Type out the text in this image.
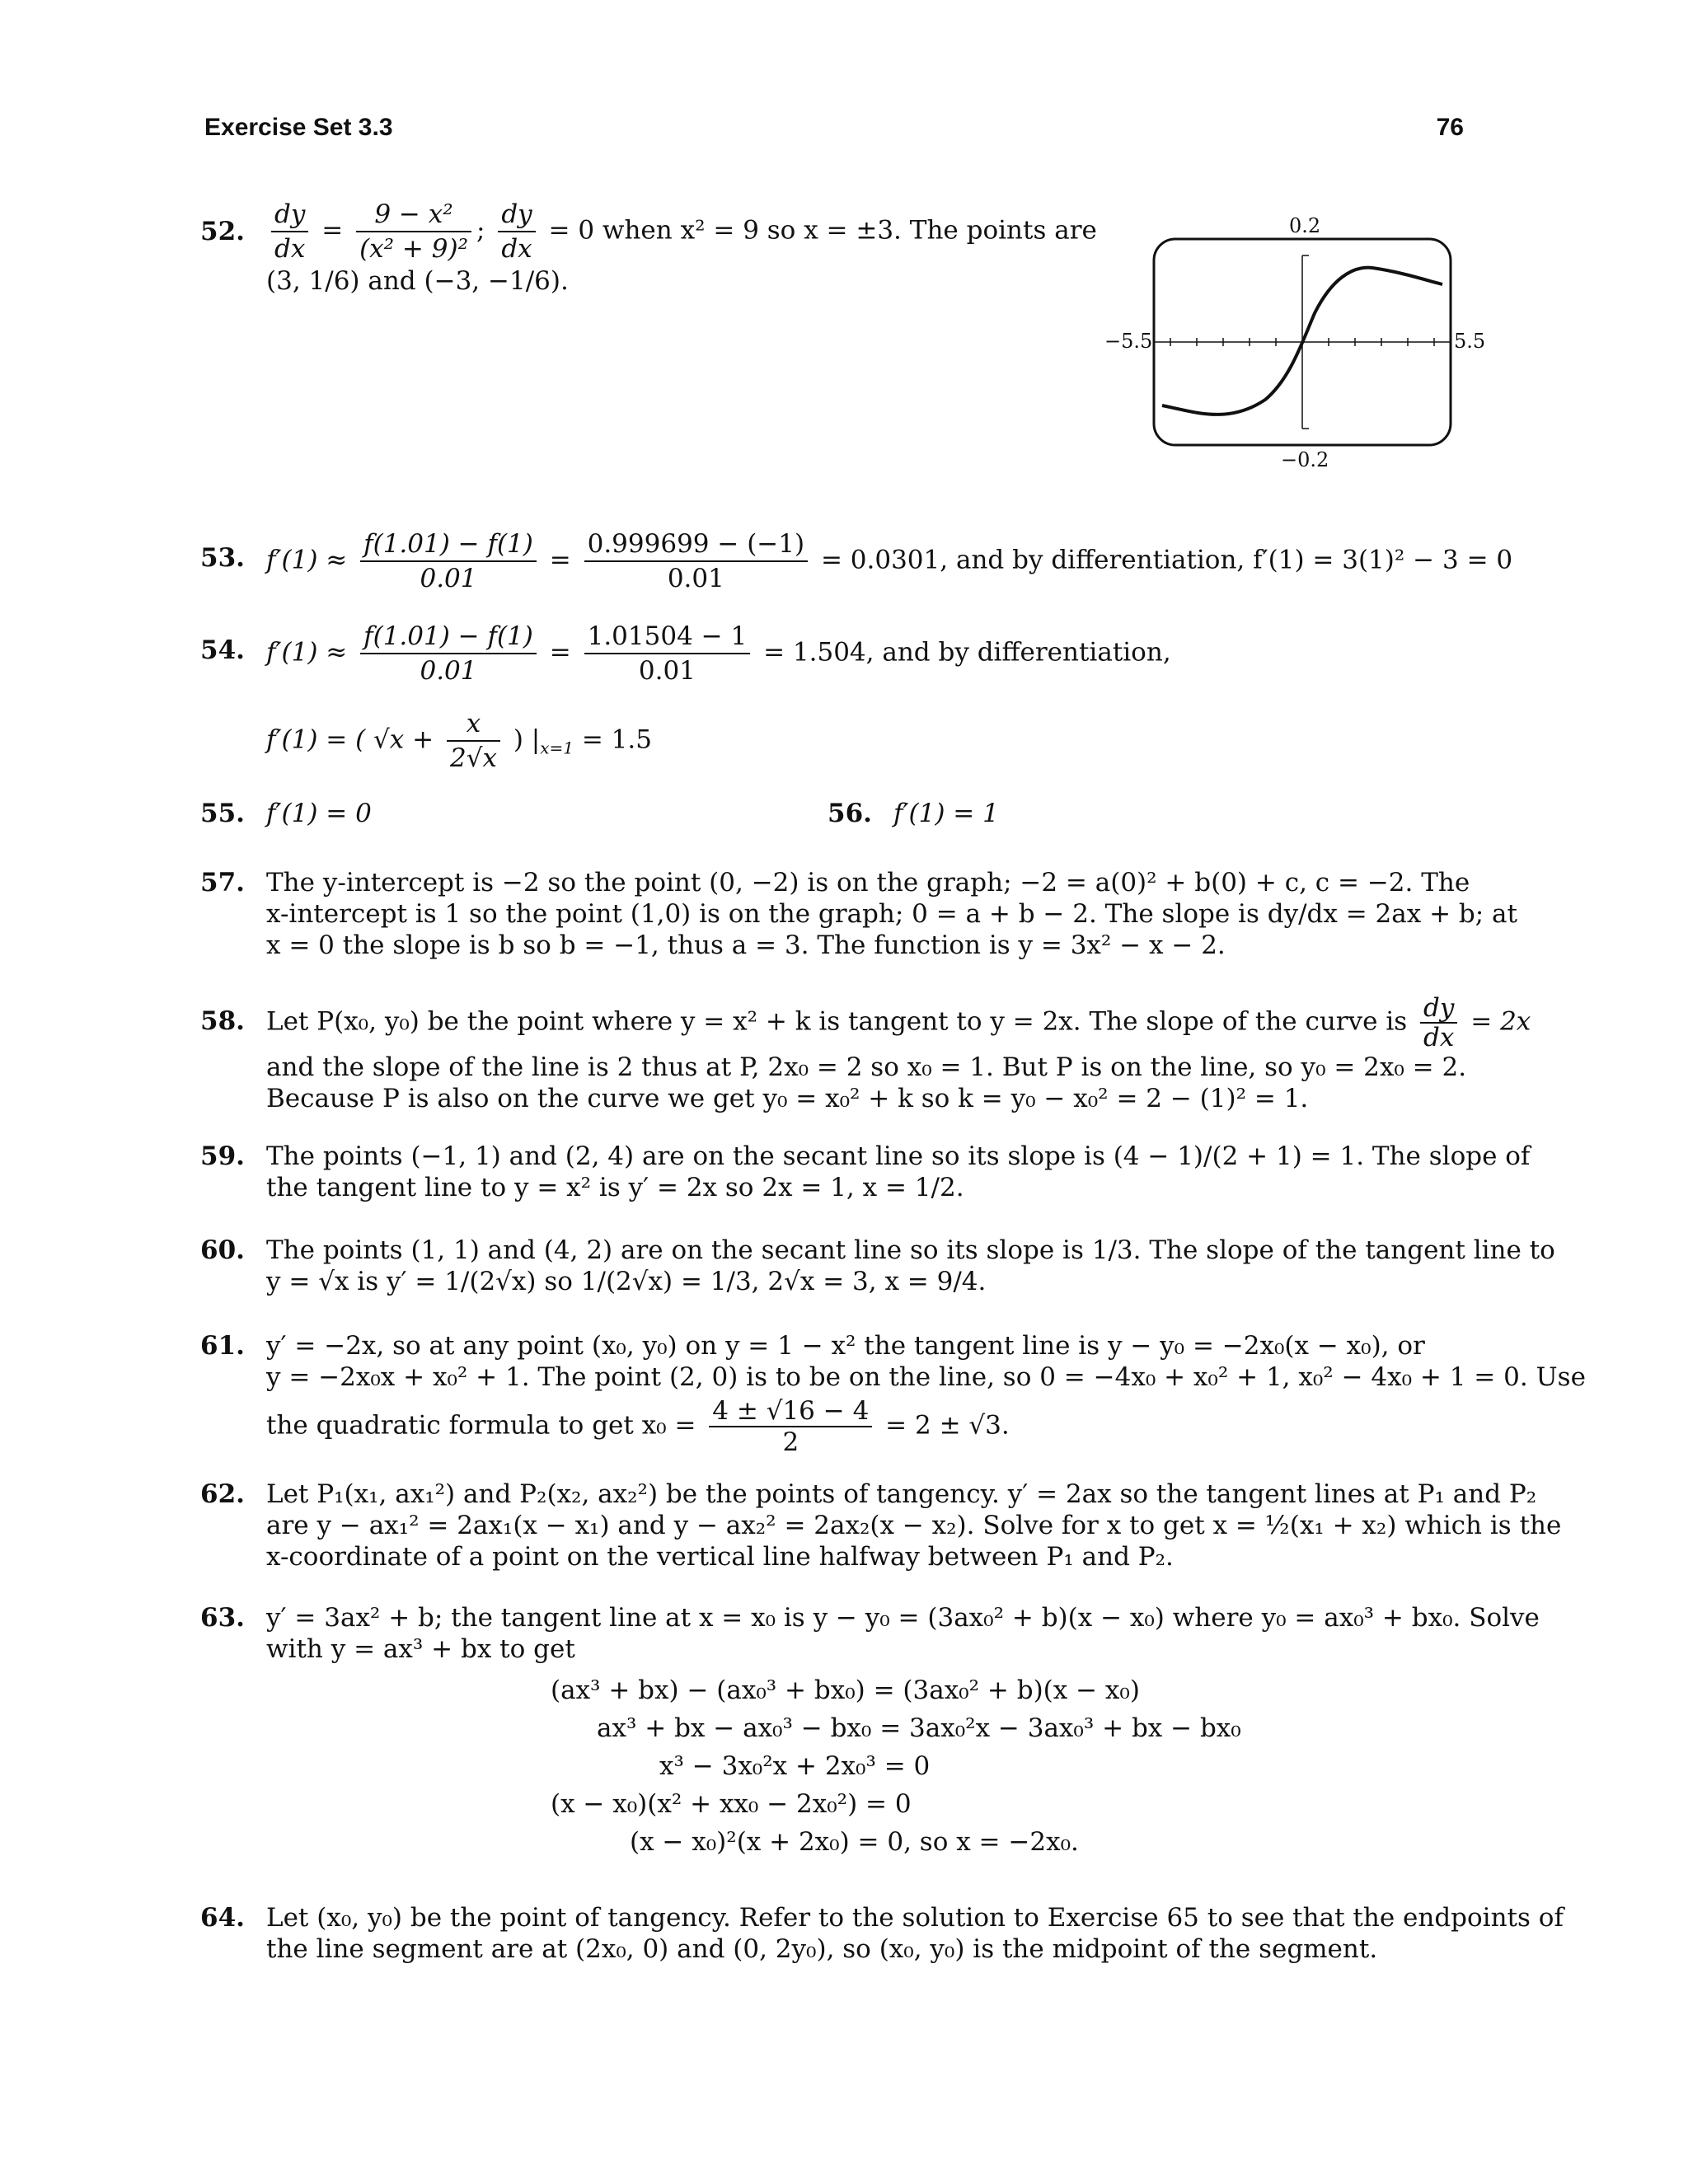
Exercise Set 3.3	76
52. $\frac{dy}{dx} = \frac{\text{9 − x²}}{\text{(x² + 9)²}}$ ; $\frac{dy}{dx} = 0$ when x² = 9 so x = ±3. The points are
(3, 1/6) and (−3, −1/6).
0.2
−0.2
−5.5	5.5
53. $f'(1) \approx \frac{f(1.01) - f(1)}{0.01} = \frac{0.999699 - (-1)}{0.01} = 0.0301$, and by differentiation, f′(1) = 3(1)² − 3 = 0
54. $f'(1) \approx \frac{f(1.01) - f(1)}{0.01} = \frac{1.01504 - 1}{0.01} = 1.504$, and by differentiation,
f′(1) = ( $√x + \frac{x}{2√x}$ ) $|_{x=1} = 1.5$
55. f′(1) = 0	56. f′(1) = 1
57. The y-intercept is −2 so the point (0, −2) is on the graph; −2 = a(0)² + b(0) + c, c = −2. The
x-intercept is 1 so the point (1,0) is on the graph; 0 = a + b − 2. The slope is dy/dx = 2ax + b; at
x = 0 the slope is b so b = −1, thus a = 3. The function is y = 3x² − x − 2.
58. Let P(x₀, y₀) be the point where y = x² + k is tangent to y = 2x. The slope of the curve is $\frac{dy}{dx} = 2x$
and the slope of the line is 2 thus at P, 2x₀ = 2 so x₀ = 1. But P is on the line, so y₀ = 2x₀ = 2.
Because P is also on the curve we get y₀ = x₀² + k so k = y₀ − x₀² = 2 − (1)² = 1.
59. The points (−1, 1) and (2, 4) are on the secant line so its slope is (4 − 1)/(2 + 1) = 1. The slope of
the tangent line to y = x² is y′ = 2x so 2x = 1, x = 1/2.
60. The points (1, 1) and (4, 2) are on the secant line so its slope is 1/3. The slope of the tangent line to
y = √x is y′ = 1/(2√x) so 1/(2√x) = 1/3, 2√x = 3, x = 9/4.
61. y′ = −2x, so at any point (x₀, y₀) on y = 1 − x² the tangent line is y − y₀ = −2x₀(x − x₀), or
y = −2x₀x + x₀² + 1. The point (2, 0) is to be on the line, so 0 = −4x₀ + x₀² + 1, x₀² − 4x₀ + 1 = 0. Use
the quadratic formula to get $x_0 = \frac{4 \pm √16 - 4}{2} = 2 \pm √3$.
62. Let P₁(x₁, ax₁²) and P₂(x₂, ax₂²) be the points of tangency. y′ = 2ax so the tangent lines at P₁ and P₂
are y − ax₁² = 2ax₁(x − x₁) and y − ax₂² = 2ax₂(x − x₂). Solve for x to get x = ½(x₁ + x₂) which is the
x-coordinate of a point on the vertical line halfway between P₁ and P₂.
63. y′ = 3ax² + b; the tangent line at x = x₀ is y − y₀ = (3ax₀² + b)(x − x₀) where y₀ = ax₀³ + bx₀. Solve
with y = ax³ + bx to get
(ax³ + bx) − (ax₀³ + bx₀) = (3ax₀² + b)(x − x₀)
ax³ + bx − ax₀³ − bx₀ = 3ax₀²x − 3ax₀³ + bx − bx₀
x³ − 3x₀²x + 2x₀³ = 0
(x − x₀)(x² + xx₀ − 2x₀²) = 0
(x − x₀)²(x + 2x₀) = 0, so x = −2x₀.
64. Let (x₀, y₀) be the point of tangency. Refer to the solution to Exercise 65 to see that the endpoints of
the line segment are at (2x₀, 0) and (0, 2y₀), so (x₀, y₀) is the midpoint of the segment.
